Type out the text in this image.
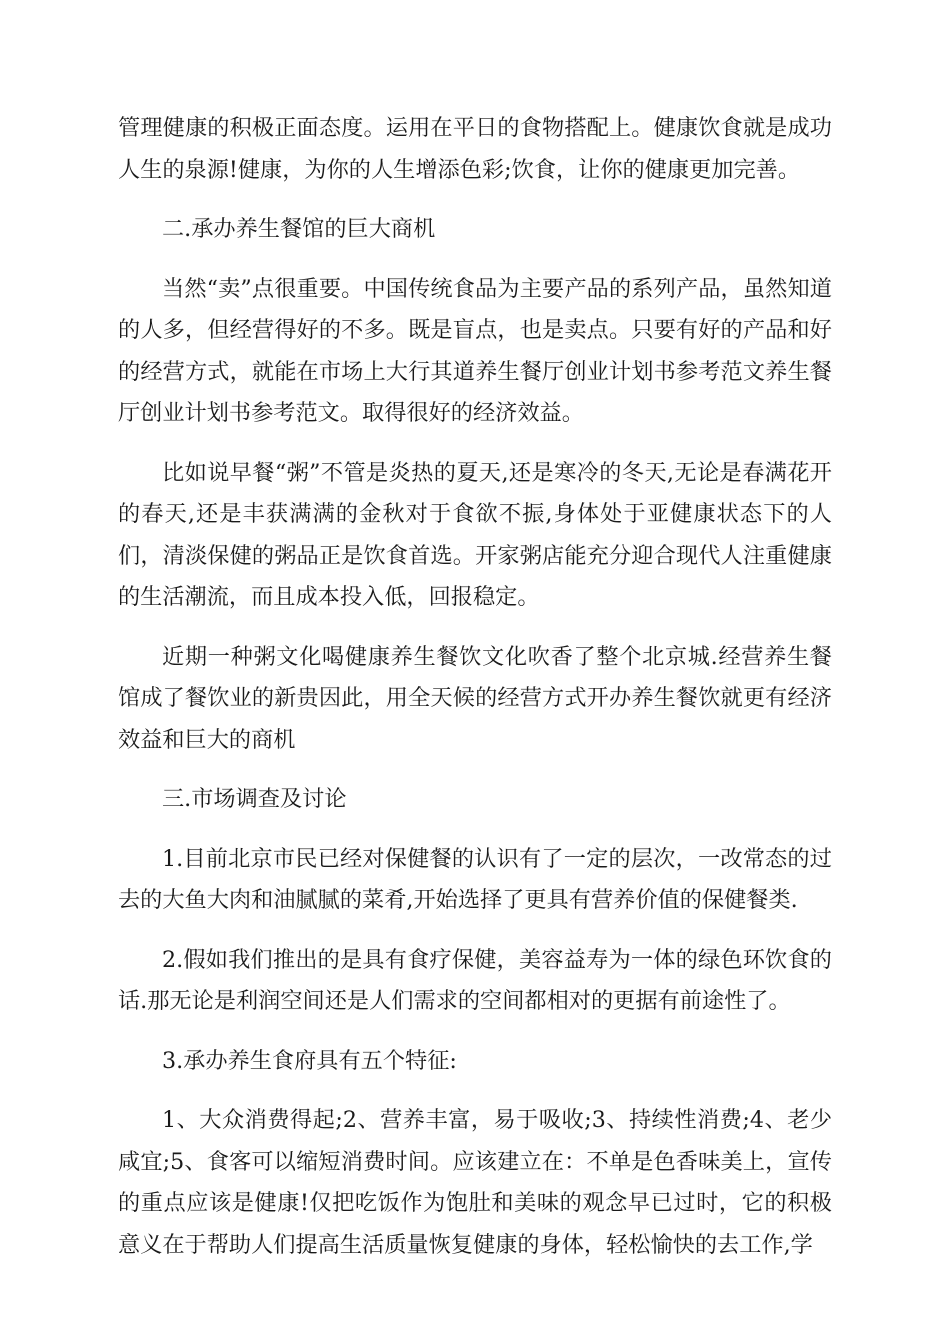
管理健康的积极正面态度。运用在平日的食物搭配上。健康饮食就是成功人生的泉源!健康，为你的人生增添色彩;饮食，让你的健康更加完善。

二.承办养生餐馆的巨大商机

当然“卖”点很重要。中国传统食品为主要产品的系列产品，虽然知道的人多，但经营得好的不多。既是盲点，也是卖点。只要有好的产品和好的经营方式，就能在市场上大行其道养生餐厅创业计划书参考范文养生餐厅创业计划书参考范文。取得很好的经济效益。

比如说早餐“粥”不管是炎热的夏天,还是寒冷的冬天,无论是春满花开的春天,还是丰获满满的金秋对于食欲不振,身体处于亚健康状态下的人们，清淡保健的粥品正是饮食首选。开家粥店能充分迎合现代人注重健康的生活潮流，而且成本投入低，回报稳定。

近期一种粥文化喝健康养生餐饮文化吹香了整个北京城.经营养生餐馆成了餐饮业的新贵因此，用全天候的经营方式开办养生餐饮就更有经济效益和巨大的商机

三.市场调查及讨论

1.目前北京市民已经对保健餐的认识有了一定的层次，一改常态的过去的大鱼大肉和油腻腻的菜肴,开始选择了更具有营养价值的保健餐类.

2.假如我们推出的是具有食疗保健，美容益寿为一体的绿色环饮食的话.那无论是利润空间还是人们需求的空间都相对的更据有前途性了。

3.承办养生食府具有五个特征:

1、大众消费得起;2、营养丰富，易于吸收;3、持续性消费;4、老少咸宜;5、食客可以缩短消费时间。应该建立在：不单是色香味美上，宣传的重点应该是健康!仅把吃饭作为饱肚和美味的观念早已过时，它的积极意义在于帮助人们提高生活质量恢复健康的身体，轻松愉快的去工作,学
